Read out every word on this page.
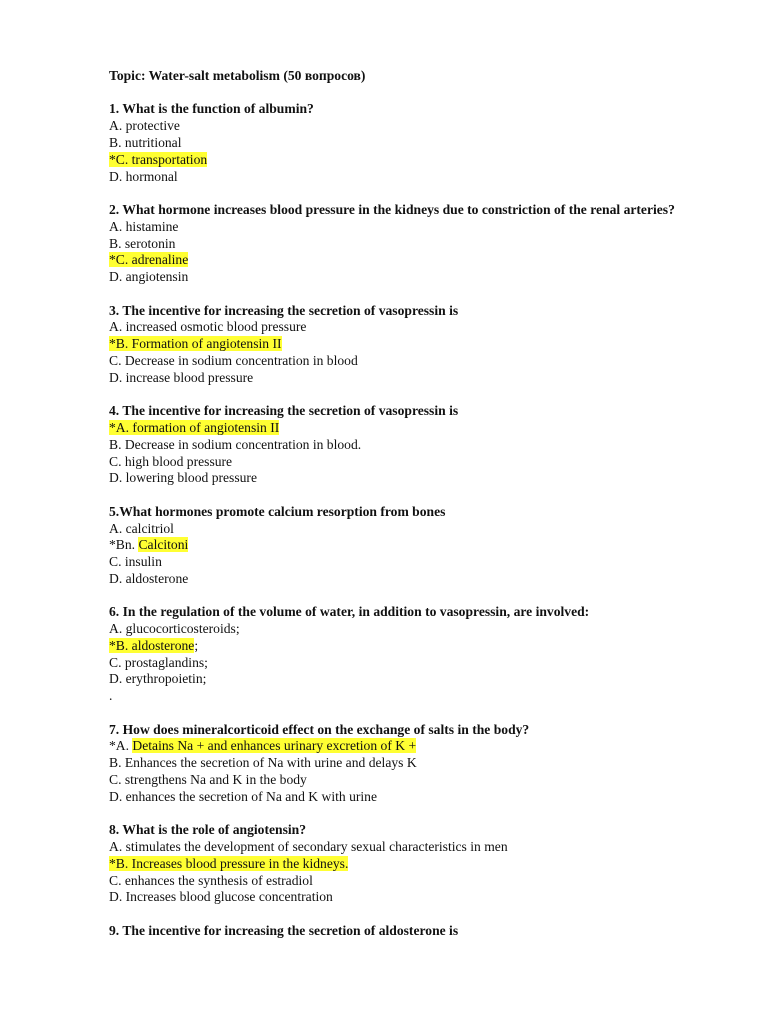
Topic: Water-salt metabolism (50 вопросов)
1. What is the function of albumin?
A. protective
B. nutritional
*C. transportation
D. hormonal
2. What hormone increases blood pressure in the kidneys due to constriction of the renal arteries?
A. histamine
B. serotonin
*C. adrenaline
D. angiotensin
3. The incentive for increasing the secretion of vasopressin is
A. increased osmotic blood pressure
*B. Formation of angiotensin II
C. Decrease in sodium concentration in blood
D. increase blood pressure
4. The incentive for increasing the secretion of vasopressin is
*A. formation of angiotensin II
B. Decrease in sodium concentration in blood.
C. high blood pressure
D. lowering blood pressure
5.What hormones promote calcium resorption from bones
A. calcitriol
*Bn. Calcitoni
C. insulin
D. aldosterone
6. In the regulation of the volume of water, in addition to vasopressin, are involved:
A. glucocorticosteroids;
*B. aldosterone;
C. prostaglandins;
D. erythropoietin;
.
7. How does mineralcorticoid effect on the exchange of salts in the body?
*A. Detains Na + and enhances urinary excretion of K +
B. Enhances the secretion of Na with urine and delays K
C. strengthens Na and K in the body
D. enhances the secretion of Na and K with urine
8. What is the role of angiotensin?
A. stimulates the development of secondary sexual characteristics in men
*B. Increases blood pressure in the kidneys.
C. enhances the synthesis of estradiol
D. Increases blood glucose concentration
9. The incentive for increasing the secretion of aldosterone is
